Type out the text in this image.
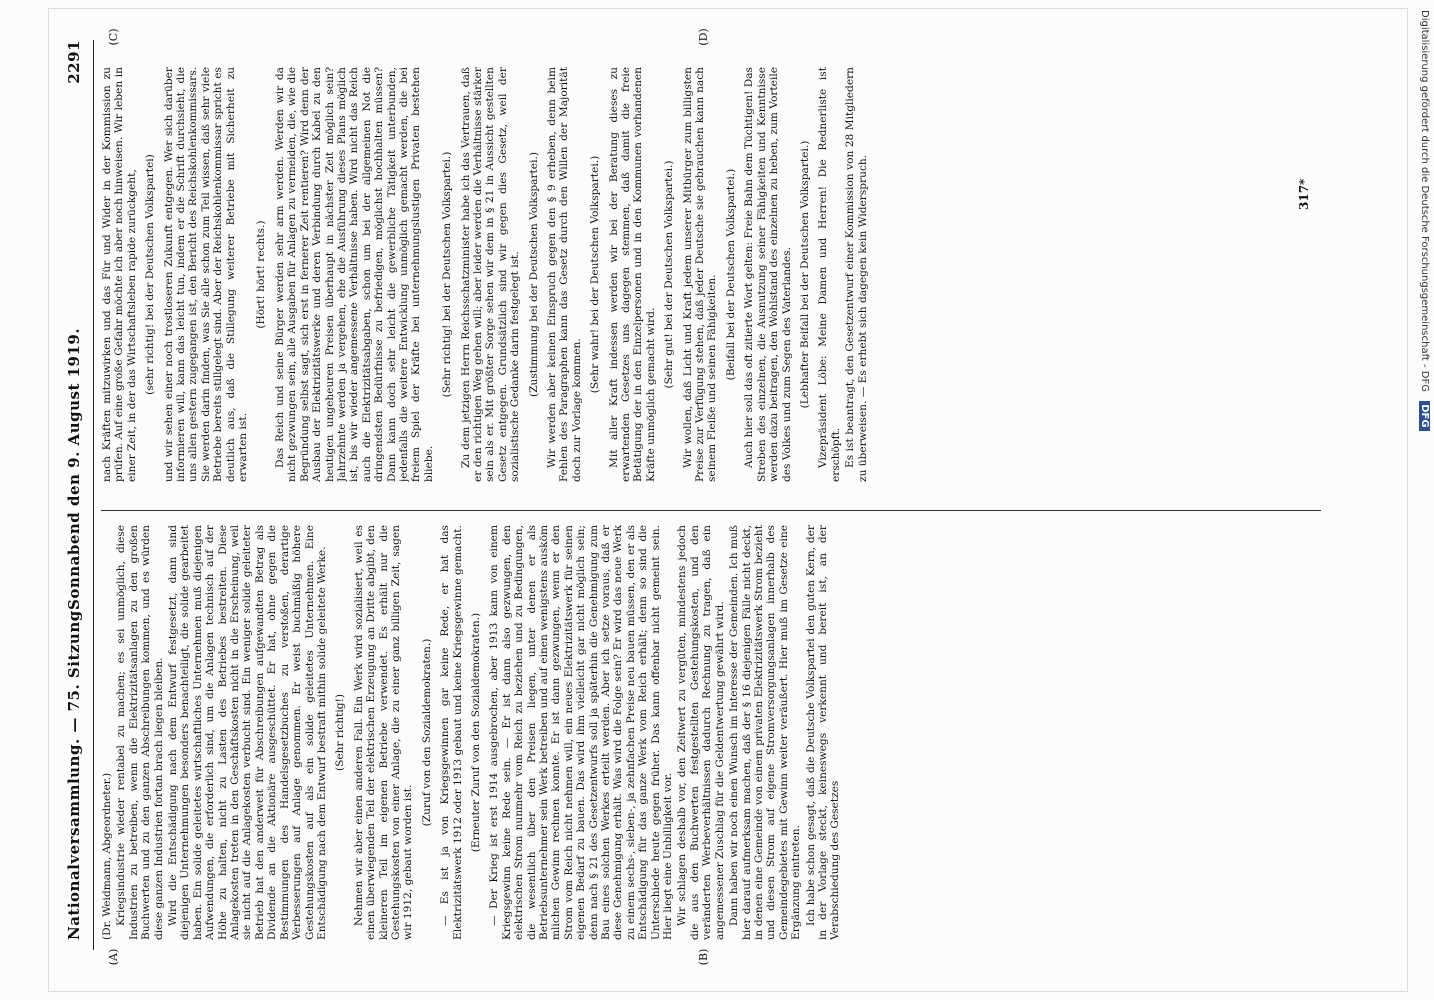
Nationalversammlung. — 75. Sitzung.
Sonnabend den 9. August 1919.
2291
(A)	(B)
(C)	(D)

(Dr. Weidmann, Abgeordneter.) Kriegsindustrie wieder rentabel zu machen; es sei unmöglich, diese Industrien zu betreiben, wenn die Elektrizitätsanlagen zu den großen Buchwerten und zu den ganzen Abschreibungen kommen, und es würden diese ganzen Industrien fortan brach liegen bleiben. Wird die Entschädigung nach dem Entwurf festgesetzt, dann sind diejenigen Unternehmungen besonders benachteiligt, die solide gearbeitet haben. Ein solide geleitetes wirtschaftliches Unternehmen muß diejenigen Aufwendungen, die erforderlich sind, um die Anlagen technisch auf der Höhe zu halten, nicht zu Lasten des Betriebes bestreiten. Diese Anlagekosten treten in den Geschäftskosten nicht in die Erscheinung, weil sie nicht auf die Anlagekosten verbucht sind. Ein weniger solide geleiteter Betrieb hat den anderweit für Abschreibungen aufgewandten Betrag als Dividende an die Aktionäre ausgeschüttet. Er hat, ohne gegen die Bestimmungen des Handelsgesetzbuches zu verstoßen, derartige Verbesserungen auf Anlage genommen. Er weist buchmäßig höhere Gestehungskosten auf als ein solide geleitetes Unternehmen. Eine Entschädigung nach dem Entwurf bestraft mithin solide geleitete Werke. (Sehr richtig!) Nehmen wir aber einen anderen Fall. Ein Werk wird sozialisiert, weil es einen überwiegenden Teil der elektrischen Erzeugung an Dritte abgibt, den kleineren Teil im eigenen Betriebe verwendet. Es erhält nur die Gestehungskosten von einer Anlage, die zu einer ganz billigen Zeit, sagen wir 1912, gebaut worden ist.

(Zuruf von den Sozialdemokraten.) — Es ist ja von Kriegsgewinnen gar keine Rede, er hat das Elektrizitätswerk 1912 oder 1913 gebaut und keine Kriegsgewinne gemacht. (Erneuter Zuruf von den Sozialdemokraten.) — Der Krieg ist erst 1914 ausgebrochen, aber 1913 kann von einem Kriegsgewinn keine Rede sein. — Er ist dann also gezwungen, den elektrischen Strom nunmehr vom Reich zu beziehen und zu Bedingungen, die wesentlich über den Preisen liegen, unter denen er als Betriebsunternehmer sein Werk betreiben und auf einen wenigstens ausköm mlichen Gewinn rechnen konnte. Er ist dann gezwungen, wenn er den Strom vom Reich nicht nehmen will, ein neues Elektrizitätswerk für seinen eigenen Bedarf zu bauen. Das wird ihm vielleicht gar nicht möglich sein; denn nach § 21 des Gesetzentwurfs soll ja späterhin die Genehmigung zum Bau eines solchen Werkes erteilt werden. Aber ich setze voraus, daß er diese Genehmigung erhält. Was wird die Folge sein? Er wird das neue Werk zu einem sechs-, sieben-, ja zehnfachen Preise neu bauen müssen, den er als Entschädigung für das ganze Werk vom Reich erhält; denn so sind die Unterschiede heute gegen früher. Das kann offenbar nicht gemeint sein. Hier liegt eine Unbilligkeit vor. Wir schlagen deshalb vor, den Zeitwert zu vergüten, mindestens jedoch die aus den Buchwerten festgestellten Gestehungskosten, und den veränderten Werbeverhältnissen dadurch Rechnung zu tragen, daß ein angemessener Zuschlag für die Geldentwertung gewährt wird. Dann haben wir noch einen Wunsch im Interesse der Gemeinden. Ich muß hier darauf aufmerksam machen, daß der § 16 diejenigen Fälle nicht deckt, in denen eine Gemeinde von einem privaten Elektrizitätswerk Strom bezieht und diesen Strom auf eigene Stromversorgungsanlagen innerhalb des Gemeindegebietes mit Gewinn weiter veräußert. Hier muß im Gesetze eine Ergänzung eintreten. Ich habe schon gesagt, daß die Deutsche Volkspartei den guten Kern, der in der Vorlage steckt, keineswegs verkennt und bereit ist, an der Verabschiedung des Gesetzes

nach Kräften mitzuwirken und das Für und Wider in der Kommission zu prüfen. Auf eine große Gefahr möchte ich aber noch hinweisen. Wir leben in einer Zeit, in der das Wirtschaftsleben rapide zurückgeht, (sehr richtig! bei der Deutschen Volkspartei) und wir sehen einer noch trostloseren Zukunft entgegen. Wer sich darüber informieren will, kann das leicht tun, indem er die Schrift durchsieht, die uns allen gestern zugegangen ist, den Bericht des Reichskohlenkommissars. Sie werden darin finden, was Sie alle schon zum Teil wissen, daß sehr viele Betriebe bereits stillgelegt sind. Aber der Reichskohlenkommissar spricht es deutlich aus, daß die Stillegung weiterer Betriebe mit Sicherheit zu erwarten ist.

(Hört! hört! rechts.) Das Reich und seine Bürger werden sehr arm werden. Werden wir da nicht gezwungen sein, alle Ausgaben für Anlagen zu vermeiden, die, wie die Begründung selbst sagt, sich erst in fernerer Zeit rentieren? Wird denn der Ausbau der Elektrizitätswerke und deren Verbindung durch Kabel zu den heutigen ungeheuren Preisen überhaupt in nächster Zeit möglich sein? Jahrzehnte werden ja vergehen, ehe die Ausführung dieses Plans möglich ist, bis wir wieder angemessene Verhältnisse haben. Wird nicht das Reich auch die Elektrizitätsabgaben, schon um bei der allgemeinen Not die dringendsten Bedürfnisse zu befriedigen, möglichst hochhalten müssen? Dann kann doch sehr leicht die gewerbliche Tätigkeit unterbunden, jedenfalls die weitere Entwicklung unmöglich gemacht werden, die bei freiem Spiel der Kräfte bei unternehmungslustigen Privaten bestehen bliebe.

(Sehr richtig! bei der Deutschen Volkspartei.) Zu dem jetzigen Herrn Reichsschatzminister habe ich das Vertrauen, daß er den richtigen Weg gehen will; aber leider werden die Verhältnisse stärker sein als er. Mit größter Sorge sehen wir dem in § 21 in Aussicht gestellten Gesetz entgegen. Grundsätzlich sind wir gegen dies Gesetz, weil der sozialistische Gedanke darin festgelegt ist. (Zustimmung bei der Deutschen Volkspartei.) Wir werden aber keinen Einspruch gegen den § 9 erheben, denn beim Fehlen des Paragraphen kann das Gesetz durch den Willen der Majorität doch zur Vorlage kommen.

(Sehr wahr! bei der Deutschen Volkspartei.) Mit aller Kraft indessen werden wir bei der Beratung dieses zu erwartenden Gesetzes uns dagegen stemmen, daß damit die freie Betätigung der in den Einzelpersonen und in den Kommunen vorhandenen Kräfte unmöglich gemacht wird.

(Sehr gut! bei der Deutschen Volkspartei.) Wir wollen, daß Licht und Kraft jedem unserer Mitbürger zum billigsten Preise zur Verfügung stehen, daß jeder Deutsche sie gebrauchen kann nach seinem Fleiße und seinen Fähigkeiten. (Beifall bei der Deutschen Volkspartei.) Auch hier soll das oft zitierte Wort gelten: Freie Bahn dem Tüchtigen! Das Streben des einzelnen, die Ausnutzung seiner Fähigkeiten und Kenntnisse werden dazu beitragen, den Wohlstand des einzelnen zu heben, zum Vorteile des Volkes und zum Segen des Vaterlandes. (Lebhafter Beifall bei der Deutschen Volkspartei.) Vizepräsident Löbe: Meine Damen und Herren! Die Rednerliste ist erschöpft. Es ist beantragt, den Gesetzentwurf einer Kommission von 28 Mitgliedern zu überweisen. — Es erhebt sich dagegen kein Widerspruch.	317*	Digitalisierung gefördert durch die Deutsche Forschungsgemeinschaft - DFG DFG
